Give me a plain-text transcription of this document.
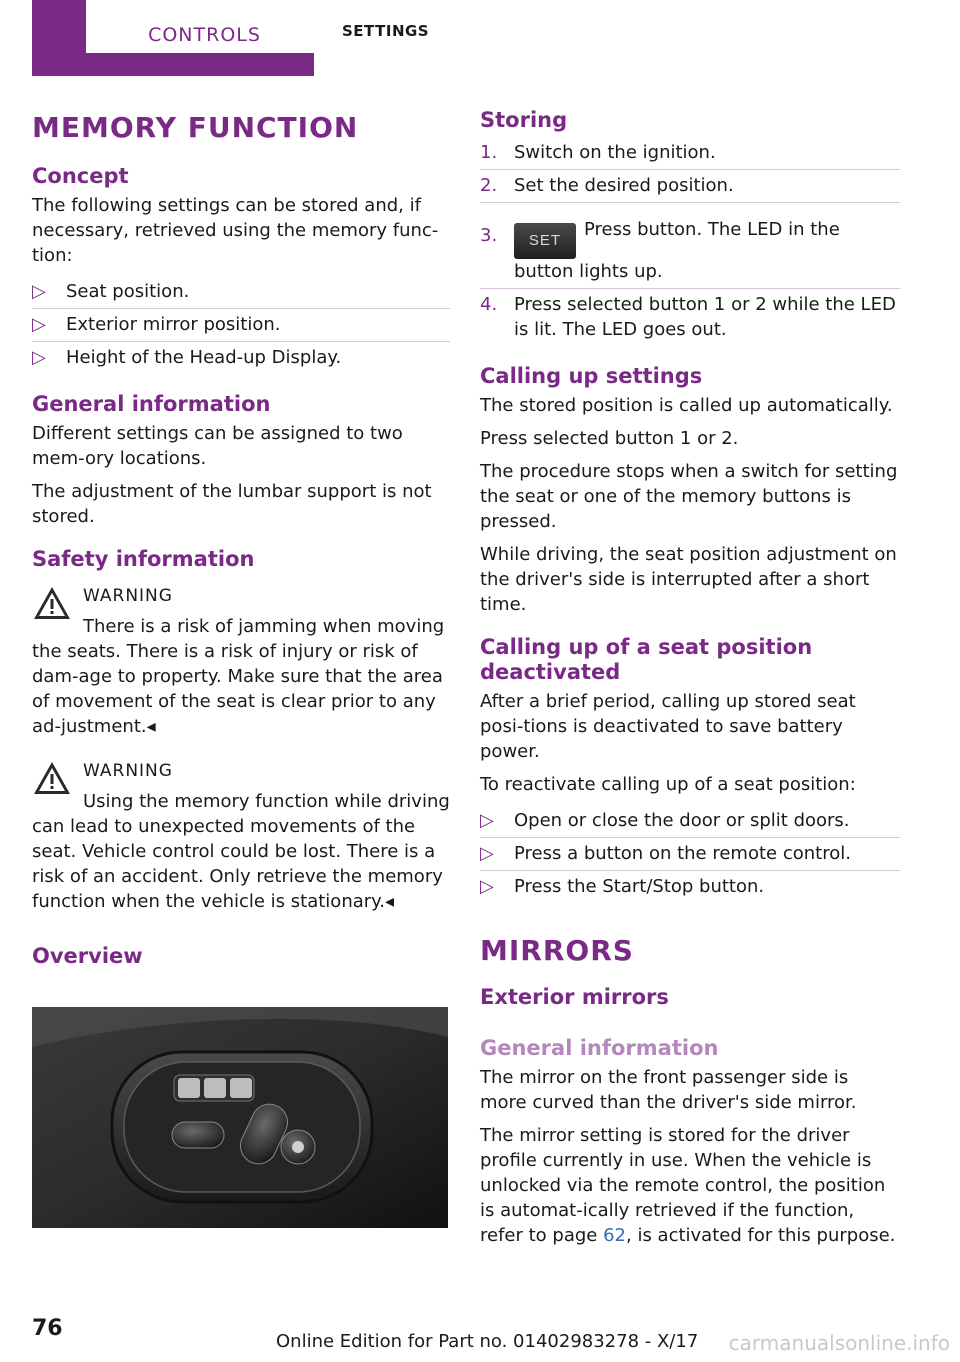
CONTROLS	SETTINGS
MEMORY FUNCTION
Concept

The following settings can be stored and, if necessary, retrieved using the memory func-tion:

▷ Seat position.
▷ Exterior mirror position.
▷ Height of the Head-up Display.
General information

Different settings can be assigned to two mem-ory locations.

The adjustment of the lumbar support is not stored.

Safety information
WARNING
There is a risk of jamming when moving the seats. There is a risk of injury or risk of dam-age to property. Make sure that the area of movement of the seat is clear prior to any ad-justment.◂
WARNING
Using the memory function while driving can lead to unexpected movements of the seat. Vehicle control could be lost. There is a risk of an accident. Only retrieve the memory function when the vehicle is stationary.◂
Overview
Storing
1. Switch on the ignition.
2. Set the desired position.
3. SETPress button. The LED in the button lights up.
4. Press selected button 1 or 2 while the LED is lit. The LED goes out.
Calling up settings

The stored position is called up automatically.

Press selected button 1 or 2.

The procedure stops when a switch for setting the seat or one of the memory buttons is pressed.

While driving, the seat position adjustment on the driver's side is interrupted after a short time.

Calling up of a seat position deactivated

After a brief period, calling up stored seat posi-tions is deactivated to save battery power.

To reactivate calling up of a seat position:

▷ Open or close the door or split doors.
▷ Press a button on the remote control.
▷ Press the Start/Stop button.
MIRRORS
Exterior mirrors
General information

The mirror on the front passenger side is more curved than the driver's side mirror.

The mirror setting is stored for the driver profile currently in use. When the vehicle is unlocked via the remote control, the position is automat-ically retrieved if the function, refer to page 62, is activated for this purpose.

76
Online Edition for Part no. 01402983278 - X/17 carmanualsonline.info
